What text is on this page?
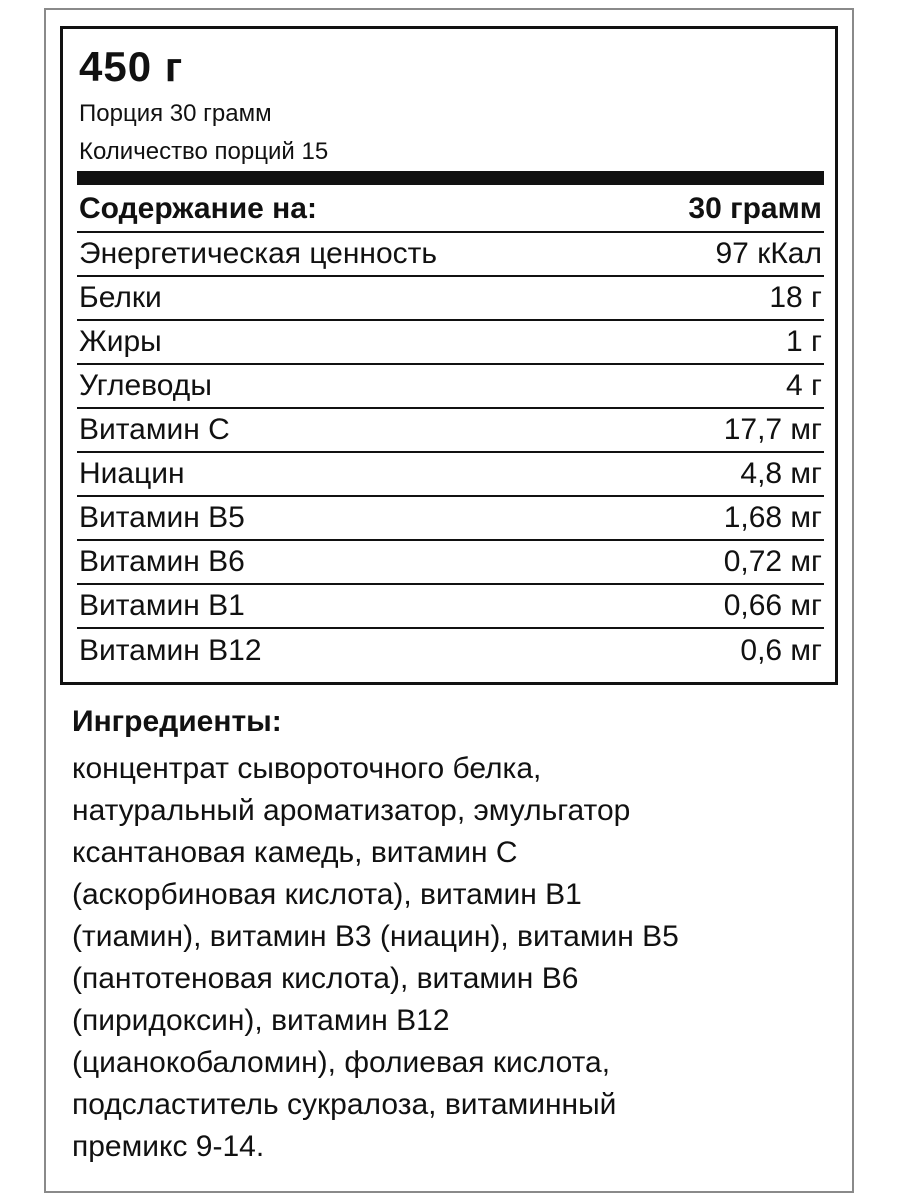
450 г
Порция 30 грамм
Количество порций 15
Содержание на:	30 грамм
Энергетическая ценность	97 кКал
Белки	18 г
Жиры	1 г
Углеводы	4 г
Витамин С	17,7 мг
Ниацин	4,8 мг
Витамин В5	1,68 мг
Витамин В6	0,72 мг
Витамин В1	0,66 мг
Витамин В12	0,6 мг
Ингредиенты:
концентрат сывороточного белка,
натуральный ароматизатор, эмульгатор
ксантановая камедь, витамин С
(аскорбиновая кислота), витамин В1
(тиамин), витамин В3 (ниацин), витамин В5
(пантотеновая кислота), витамин В6
(пиридоксин), витамин В12
(цианокобаломин), фолиевая кислота,
подсластитель сукралоза, витаминный
премикс 9-14.
